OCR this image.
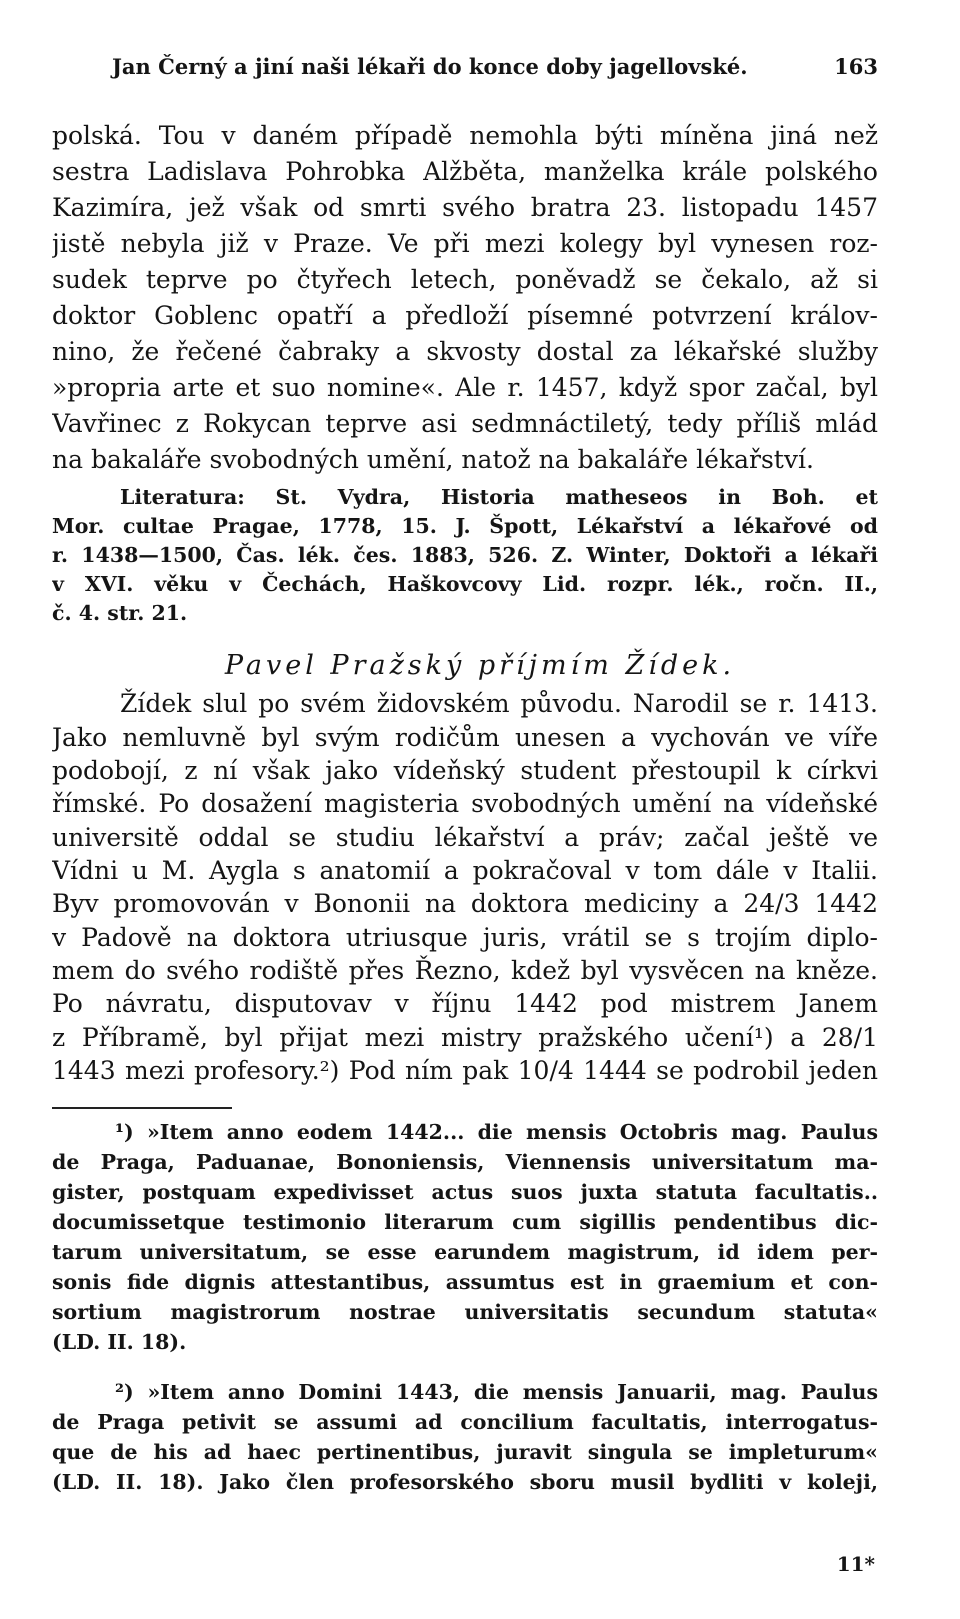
Jan Černý a jiní naši lékaři do konce doby jagellovské.	163
polská. Tou v daném případě nemohla býti míněna jiná než
sestra Ladislava Pohrobka Alžběta, manželka krále polského
Kazimíra, jež však od smrti svého bratra 23. listopadu 1457
jistě nebyla již v Praze. Ve při mezi kolegy byl vynesen roz-
sudek teprve po čtyřech letech, poněvadž se čekalo, až si
doktor Goblenc opatří a předloží písemné potvrzení králov-
nino, že řečené čabraky a skvosty dostal za lékařské služby
»propria arte et suo nomine«. Ale r. 1457, když spor začal, byl
Vavřinec z Rokycan teprve asi sedmnáctiletý, tedy příliš mlád
na bakaláře svobodných umění, natož na bakaláře lékařství.
Literatura: St. Vydra, Historia matheseos in Boh. et
Mor. cultae Pragae, 1778, 15. J. Špott, Lékařství a lékařové od
r. 1438—1500, Čas. lék. čes. 1883, 526. Z. Winter, Doktoři a lékaři
v XVI. věku v Čechách, Haškovcovy Lid. rozpr. lék., ročn. II.,
č. 4. str. 21.
Pavel Pražský příjmím Žídek.
Žídek slul po svém židovském původu. Narodil se r. 1413.
Jako nemluvně byl svým rodičům unesen a vychován ve víře
podobojí, z ní však jako vídeňský student přestoupil k církvi
římské. Po dosažení magisteria svobodných umění na vídeňské
universitě oddal se studiu lékařství a práv; začal ještě ve
Vídni u M. Aygla s anatomií a pokračoval v tom dále v Italii.
Byv promovován v Bononii na doktora mediciny a 24/3 1442
v Padově na doktora utriusque juris, vrátil se s trojím diplo-
mem do svého rodiště přes Řezno, kdež byl vysvěcen na kněze.
Po návratu, disputovav v říjnu 1442 pod mistrem Janem
z Příbramě, byl přijat mezi mistry pražského učení¹) a 28/1
1443 mezi profesory.²) Pod ním pak 10/4 1444 se podrobil jeden
¹) »Item anno eodem 1442... die mensis Octobris mag. Paulus
de Praga, Paduanae, Bononiensis, Viennensis universitatum ma-
gister, postquam expedivisset actus suos juxta statuta facultatis..
documissetque testimonio literarum cum sigillis pendentibus dic-
tarum universitatum, se esse earundem magistrum, id idem per-
sonis fide dignis attestantibus, assumtus est in graemium et con-
sortium magistrorum nostrae universitatis secundum statuta«
(LD. II. 18).
²) »Item anno Domini 1443, die mensis Januarii, mag. Paulus
de Praga petivit se assumi ad concilium facultatis, interrogatus-
que de his ad haec pertinentibus, juravit singula se impleturum«
(LD. II. 18). Jako člen profesorského sboru musil bydliti v koleji,
11*
